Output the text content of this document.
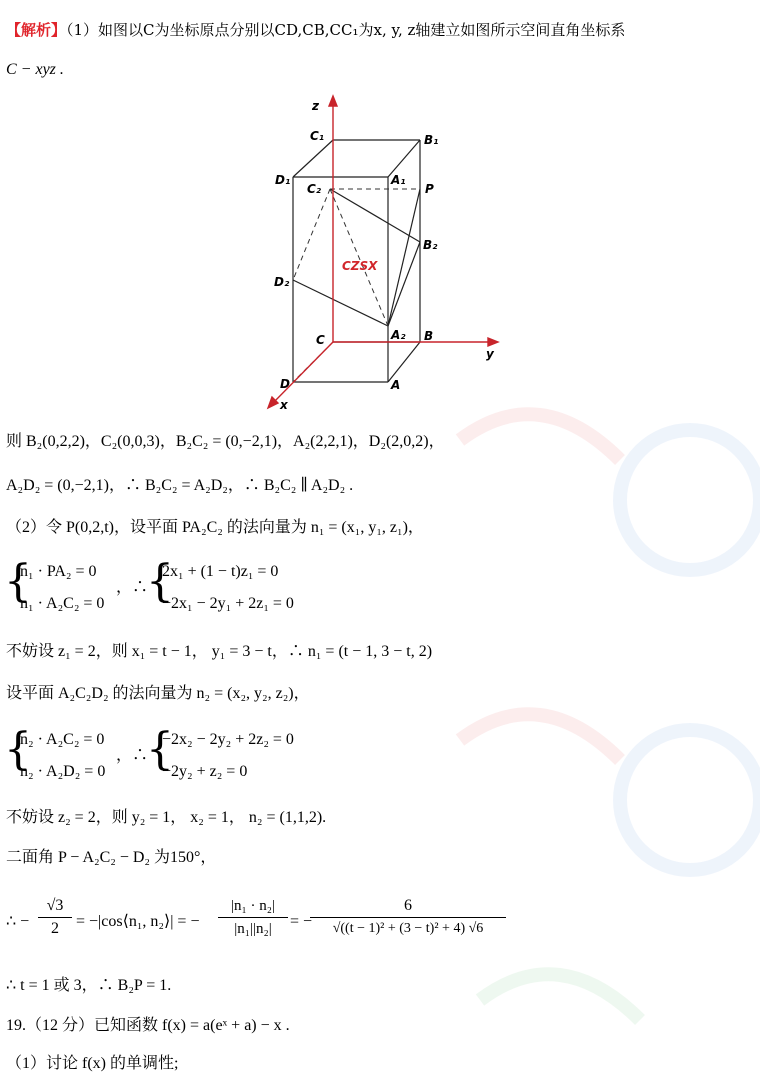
【解析】（1）如图以C为坐标原点分别以CD,CB,CC₁为x, y, z轴建立如图所示空间直角坐标系
C − xyz .
z
y
x
C₁	B₁
D₁	A₁
C₂	P
B₂
D₂
A₂
C	B
D	A
CZSX
则 B₂(0,2,2)，C₂(0,0,3)，B₂C₂ = (0,−2,1)，A₂(2,2,1)，D₂(2,0,2)，
A₂D₂ = (0,−2,1)，∴ B₂C₂ = A₂D₂，∴ B₂C₂ ∥ A₂D₂ .
（2）令 P(0,2,t)，设平面 PA₂C₂ 的法向量为 n₁ = (x₁, y₁, z₁)，
{
n₁ · PA₂ = 0
n₁ · A₂C₂ = 0
，∴
{
2x₁ + (1 − t)z₁ = 0
−2x₁ − 2y₁ + 2z₁ = 0
不妨设 z₁ = 2，则 x₁ = t − 1， y₁ = 3 − t，∴ n₁ = (t − 1, 3 − t, 2)
设平面 A₂C₂D₂ 的法向量为 n₂ = (x₂, y₂, z₂)，
{
n₂ · A₂C₂ = 0
n₂ · A₂D₂ = 0
，∴
{
−2x₂ − 2y₂ + 2z₂ = 0
−2y₂ + z₂ = 0
不妨设 z₂ = 2，则 y₂ = 1， x₂ = 1， n₂ = (1,1,2).
二面角 P − A₂C₂ − D₂ 为150°，
∴ − $\frac{√3}{2}$ = −|cos⟨n₁, n₂⟩| = − $\frac{\text{|n₁ · n₂|}}{\text{|n₁||n₂|}}$ = −
$\frac{6}{\text{√((t − 1)² + (3 − t)² + 4) √6}}$
∴ t = 1 或 3，∴ B₂P = 1.
19.（12 分）已知函数 f(x) = a(eˣ + a) − x .
（1）讨论 f(x) 的单调性;
